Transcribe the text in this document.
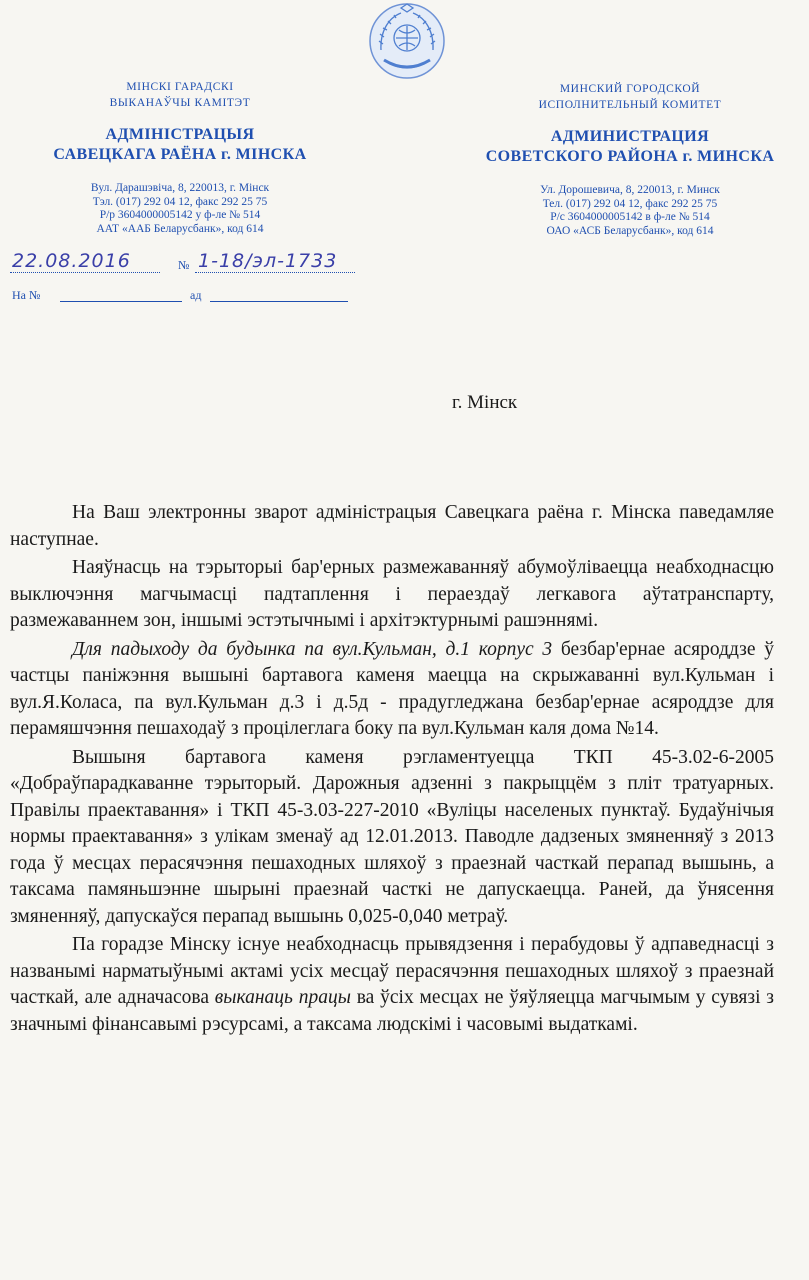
МІНСКІ ГАРАДСКІ
ВЫКАНАЎЧЫ КАМІТЭТ
АДМІНІСТРАЦЫЯ
САВЕЦКАГА РАЁНА г. МІНСКА
Вул. Дарашэвіча, 8, 220013, г. Мінск
Тэл. (017) 292 04 12, факс 292 25 75
Р/р 3604000005142 у ф-ле № 514
ААТ «ААБ Беларусбанк», код 614
МИНСКИЙ ГОРОДСКОЙ
ИСПОЛНИТЕЛЬНЫЙ КОМИТЕТ
АДМИНИСТРАЦИЯ
СОВЕТСКОГО РАЙОНА г. МИНСКА
Ул. Дорошевича, 8, 220013, г. Минск
Тел. (017) 292 04 12, факс 292 25 75
Р/с 3604000005142 в ф-ле № 514
ОАО «АСБ Беларусбанк», код 614
22.08.2016	№ 1-18/эл-1733
На №	ад
г. Мінск

На Ваш электронны зварот адміністрацыя Савецкага раёна г. Мінска паведамляе наступнае.

Наяўнасць на тэрыторыі бар'ерных размежаванняў абумоўліваецца неабходнасцю выключэння магчымасці падтаплення і пераездаў легкавога аўтатранспарту, размежаваннем зон, іншымі эстэтычнымі і архітэктурнымі рашэннямі.

Для падыходу да будынка па вул.Кульман, д.1 корпус 3 безбар'ернае асяроддзе ў частцы паніжэння вышыні бартавога каменя маецца на скрыжаванні вул.Кульман і вул.Я.Коласа, па вул.Кульман д.3 і д.5д - прадугледжана безбар'ернае асяроддзе для перамяшчэння пешаходаў з процілеглага боку па вул.Кульман каля дома №14.

Вышыня бартавога каменя рэгламентуецца ТКП 45-3.02-6-2005 «Добраўпарадкаванне тэрыторый. Дарожныя адзенні з пакрыццём з пліт тратуарных. Правілы праектавання» і ТКП 45-3.03-227-2010 «Вуліцы населеных пунктаў. Будаўнічыя нормы праектавання» з улікам зменаў ад 12.01.2013. Паводле дадзеных змяненняў з 2013 года ў месцах перасячэння пешаходных шляхоў з праезнай часткай перапад вышынь, а таксама памяньшэнне шырыні праезнай часткі не дапускаецца. Раней, да ўнясення змяненняў, дапускаўся перапад вышынь 0,025-0,040 метраў.

Па горадзе Мінску існуе неабходнасць прывядзення і перабудовы ў адпаведнасці з названымі нарматыўнымі актамі усіх месцаў перасячэння пешаходных шляхоў з праезнай часткай, але адначасова выканаць працы ва ўсіх месцах не ўяўляецца магчымым у сувязі з значнымі фінансавымі рэсурсамі, а таксама людскімі і часовымі выдаткамі.
